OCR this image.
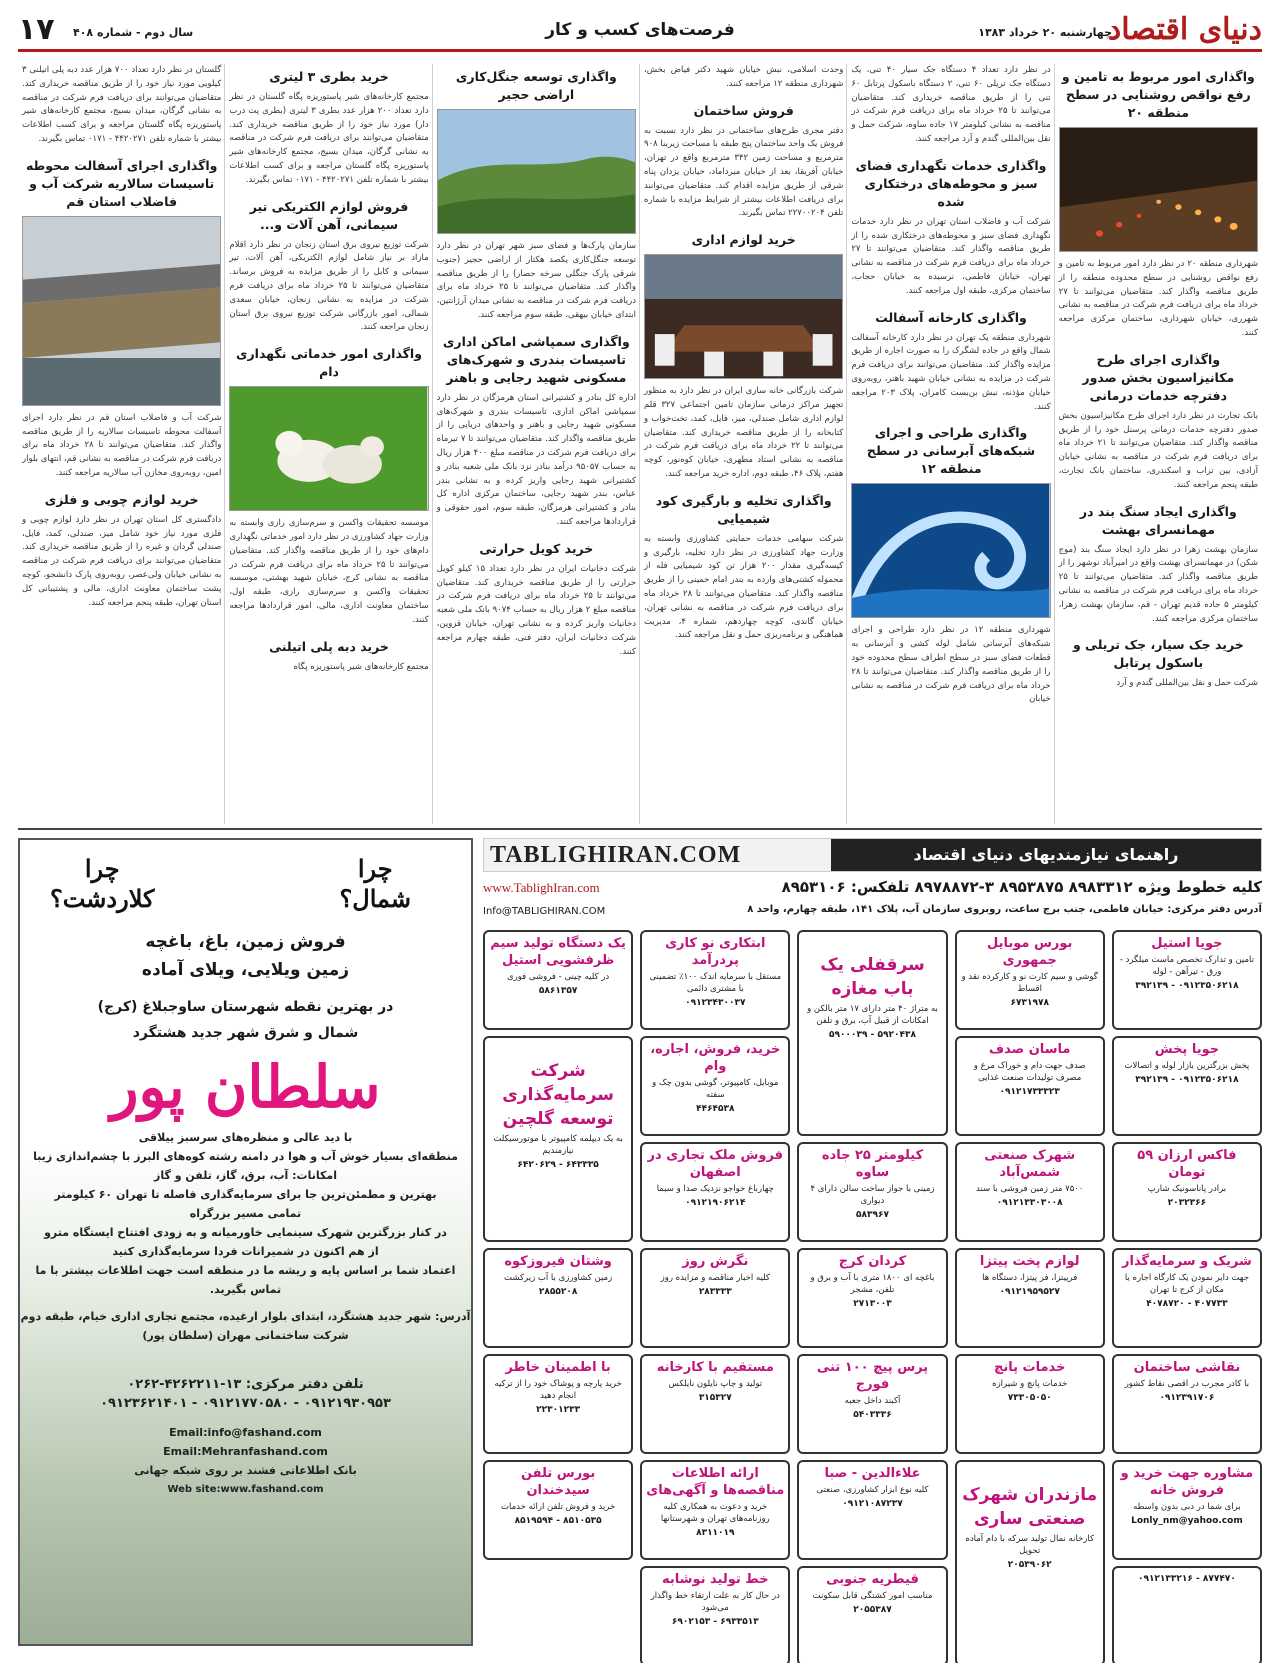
دنیای اقتصاد
چهارشنبه ۲۰ خرداد ۱۳۸۳
فرصت‌های کسب و کار
سال دوم - شماره ۴۰۸
۱۷
واگذاری امور مربوط به تامین و رفع نواقص روشنایی در سطح منطقه ۲۰
شهرداری منطقه ۲۰ در نظر دارد امور مربوط به تامین و رفع نواقص روشنایی در سطح محدوده منطقه را از طریق مناقصه واگذار کند. متقاضیان می‌توانند تا ۲۷ خرداد ماه برای دریافت فرم شرکت در مناقصه به نشانی شهرری، خیابان شهرداری، ساختمان مرکزی مراجعه کنند.
واگذاری اجرای طرح مکانیزاسیون بخش صدور دفترچه خدمات درمانی
بانک تجارت در نظر دارد اجرای طرح مکانیزاسیون بخش صدور دفترچه خدمات درمانی پرسنل خود را از طریق مناقصه واگذار کند. متقاضیان می‌توانند تا ۲۱ خرداد ماه برای دریافت فرم شرکت در مناقصه به نشانی خیابان آزادی، بین تراب و اسکندری، ساختمان بانک تجارت، طبقه پنجم مراجعه کنند.
واگذاری ایجاد سنگ بند در مهمانسرای بهشت
سازمان بهشت زهرا در نظر دارد ایجاد سنگ بند (موج شکن) در مهمانسرای بهشت واقع در امیرآباد نوشهر را از طریق مناقصه واگذار کند. متقاضیان می‌توانند تا ۲۵ خرداد ماه برای دریافت فرم شرکت در مناقصه به نشانی کیلومتر ۵ جاده قدیم تهران - قم، سازمان بهشت زهرا، ساختمان مرکزی مراجعه کنند.
خرید جک سیار، جک تریلی و باسکول پرتابل
شرکت حمل و نقل بین‌المللی گندم و آرد
در نظر دارد تعداد ۴ دستگاه جک سیار ۴۰ تنی، یک دستگاه جک تریلی ۶۰ تنی، ۲ دستگاه باسکول پرتابل ۶۰ تنی را از طریق مناقصه خریداری کند. متقاضیان می‌توانند تا ۲۵ خرداد ماه برای دریافت فرم شرکت در مناقصه به نشانی کیلومتر ۱۷ جاده ساوه، شرکت حمل و نقل بین‌المللی گندم و آرد مراجعه کنند.
واگذاری خدمات نگهداری فضای سبز و محوطه‌های درختکاری شده
شرکت آب و فاضلاب استان تهران در نظر دارد خدمات نگهداری فضای سبز و محوطه‌های درختکاری شده را از طریق مناقصه واگذار کند. متقاضیان می‌توانند تا ۲۷ خرداد ماه برای دریافت فرم شرکت در مناقصه به نشانی تهران، خیابان فاطمی، نرسیده به خیابان حجاب، ساختمان مرکزی، طبقه اول مراجعه کنند.
واگذاری کارخانه آسفالت
شهرداری منطقه یک تهران در نظر دارد کارخانه آسفالت شمال واقع در جاده لشگرک را به صورت اجاره از طریق مزایده واگذار کند. متقاضیان می‌توانند برای دریافت فرم شرکت در مزایده به نشانی خیابان شهید باهنر، روبه‌روی خیابان مؤذنه، نبش بن‌بست کامران، پلاک ۲۰۳ مراجعه کنند.
واگذاری طراحی و اجرای شبکه‌های آبرسانی در سطح منطقه ۱۲
شهرداری منطقه ۱۲ در نظر دارد طراحی و اجرای شبکه‌های آبرسانی شامل لوله کشی و آبرسانی به قطعات فضای سبز در سطح اطراف سطح محدوده خود را از طریق مناقصه واگذار کند. متقاضیان می‌توانند تا ۲۸ خرداد ماه برای دریافت فرم شرکت در مناقصه به نشانی خیابان
وحدت اسلامی، نبش خیابان شهید دکتر فیاض بخش، شهرداری منطقه ۱۲ مراجعه کنند.
فروش ساختمان
دفتر مجری طرح‌های ساختمانی در نظر دارد نسبت به فروش یک واحد ساختمان پنج طبقه با مساحت زیربنا ۹۰۸ مترمربع و مساحت زمین ۳۴۲ مترمربع واقع در تهران، خیابان آفریقا، بعد از خیابان میرداماد، خیابان یزدان پناه شرقی از طریق مزایده اقدام کند. متقاضیان می‌توانند برای دریافت اطلاعات بیشتر از شرایط مزایده با شماره تلفن ۲۲۷۰۰۲۰۴ تماس بگیرند.
خرید لوازم اداری
شرکت بازرگانی خانه سازی ایران در نظر دارد به منظور تجهیز مراکز درمانی سازمان تامین اجتماعی ۳۲۷ قلم لوازم اداری شامل صندلی، میز، فایل، کمد، تخت‌خواب و کتابخانه را از طریق مناقصه خریداری کند. متقاضیان می‌توانند تا ۲۲ خرداد ماه برای دریافت فرم شرکت در مناقصه به نشانی استاد مطهری، خیابان کوه‌نور، کوچه هفتم، پلاک ۴۶، طبقه دوم، اداره خرید مراجعه کنند.
واگذاری تخلیه و بارگیری کود شیمیایی
شرکت سهامی خدمات حمایتی کشاورزی وابسته به وزارت جهاد کشاورزی در نظر دارد تخلیه، بارگیری و کیسه‌گیری مقدار ۲۰۰ هزار تن کود شیمیایی فله از محموله کشتی‌های وارده به بندر امام خمینی را از طریق مناقصه واگذار کند. متقاضیان می‌توانند تا ۲۸ خرداد ماه برای دریافت فرم شرکت در مناقصه به نشانی تهران، خیابان گاندی، کوچه چهاردهم، شماره ۴، مدیریت هماهنگی و برنامه‌ریزی حمل و نقل مراجعه کنند.
واگذاری توسعه جنگل‌کاری اراضی حجیر
سازمان پارک‌ها و فضای سبز شهر تهران در نظر دارد توسعه جنگل‌کاری یکصد هکتار از اراضی حجیر (جنوب شرقی پارک جنگلی سرخه حصار) را از طریق مناقصه واگذار کند. متقاضیان می‌توانند تا ۲۵ خرداد ماه برای دریافت فرم شرکت در مناقصه به نشانی میدان آرژانتین، ابتدای خیابان بیهقی، طبقه سوم مراجعه کنند.
واگذاری سمپاشی اماکن اداری تاسیسات بندری و شهرک‌های مسکونی شهید رجایی و باهنر
اداره کل بنادر و کشتیرانی استان هرمزگان در نظر دارد سمپاشی اماکن اداری، تاسیسات بندری و شهرک‌های مسکونی شهید رجایی و باهنر و واحدهای دریایی را از طریق مناقصه واگذار کند. متقاضیان می‌توانند تا ۷ تیرماه برای دریافت فرم شرکت در مناقصه مبلغ ۴۰۰ هزار ریال به حساب ۹۵۰۵۷ درآمد بنادر نزد بانک ملی شعبه بنادر و کشتیرانی شهید رجایی واریز کرده و به نشانی بندر عباس، بندر شهید رجایی، ساختمان مرکزی اداره کل بنادر و کشتیرانی هرمزگان، طبقه سوم، امور حقوقی و قراردادها مراجعه کنند.
خرید کویل حرارتی
شرکت دخانیات ایران در نظر دارد تعداد ۱۵ کیلو کویل حرارتی را از طریق مناقصه خریداری کند. متقاضیان می‌توانند تا ۲۵ خرداد ماه برای دریافت فرم شرکت در مناقصه مبلغ ۲ هزار ریال به حساب ۹۰۷۴ بانک ملی شعبه دخانیات واریز کرده و به نشانی تهران، خیابان قزوین، شرکت دخانیات ایران، دفتر فنی، طبقه چهارم مراجعه کنند.
خرید بطری ۳ لیتری
مجتمع کارخانه‌های شیر پاستوریزه پگاه گلستان در نظر دارد تعداد ۲۰۰ هزار عدد بطری ۳ لیتری (بطری پت درب دار) مورد نیاز خود را از طریق مناقصه خریداری کند. متقاضیان می‌توانند برای دریافت فرم شرکت در مناقصه به نشانی گرگان، میدان بسیج، مجتمع کارخانه‌های شیر پاستوریزه پگاه گلستان مراجعه و برای کسب اطلاعات بیشتر با شماره تلفن ۴۴۲۰۲۷۱ - ۰۱۷۱ تماس بگیرند.
فروش لوازم الکتریکی تیر سیمانی، آهن آلات و...
شرکت توزیع نیروی برق استان زنجان در نظر دارد اقلام مازاد بر نیاز شامل لوازم الکتریکی، آهن آلات، تیر سیمانی و کابل را از طریق مزایده به فروش برساند. متقاضیان می‌توانند تا ۲۵ خرداد ماه برای دریافت فرم شرکت در مزایده به نشانی زنجان، خیابان سعدی شمالی، امور بازرگانی شرکت توزیع نیروی برق استان زنجان مراجعه کنند.
واگذاری امور خدماتی نگهداری دام
موسسه تحقیقات واکسن و سرم‌سازی رازی وابسته به وزارت جهاد کشاورزی در نظر دارد امور خدماتی نگهداری دام‌های خود را از طریق مناقصه واگذار کند. متقاضیان می‌توانند تا ۲۵ خرداد ماه برای دریافت فرم شرکت در مناقصه به نشانی کرج، خیابان شهید بهشتی، موسسه تحقیقات واکسن و سرم‌سازی رازی، طبقه اول، ساختمان معاونت اداری، مالی، امور قراردادها مراجعه کنند.
خرید دبه پلی اتیلنی
مجتمع کارخانه‌های شیر پاستوریزه پگاه
گلستان در نظر دارد تعداد ۷۰۰ هزار عدد دبه پلی اتیلنی ۳ کیلویی مورد نیاز خود را از طریق مناقصه خریداری کند. متقاضیان می‌توانند برای دریافت فرم شرکت در مناقصه به نشانی گرگان، میدان بسیج، مجتمع کارخانه‌های شیر پاستوریزه پگاه گلستان مراجعه و برای کسب اطلاعات بیشتر با شماره تلفن ۴۴۲۰۲۷۱ - ۰۱۷۱ تماس بگیرند.
واگذاری اجرای آسفالت محوطه تاسیسات سالاریه شرکت آب و فاضلاب استان قم
شرکت آب و فاضلاب استان قم در نظر دارد اجرای آسفالت محوطه تاسیسات سالاریه را از طریق مناقصه واگذار کند. متقاضیان می‌توانند تا ۲۸ خرداد ماه برای دریافت فرم شرکت در مناقصه به نشانی قم، انتهای بلوار امین، روبه‌روی مخازن آب سالاریه مراجعه کنند.
خرید لوازم چوبی و فلزی
دادگستری کل استان تهران در نظر دارد لوازم چوبی و فلزی مورد نیاز خود شامل میز، صندلی، کمد، فایل، صندلی گردان و غیره را از طریق مناقصه خریداری کند. متقاضیان می‌توانند برای دریافت فرم شرکت در مناقصه به نشانی خیابان ولی‌عصر، روبه‌روی پارک دانشجو، کوچه پشت ساختمان معاونت اداری، مالی و پشتیبانی کل استان تهران، طبقه پنجم مراجعه کنند.
چرا
شمال؟
چرا
کلاردشت؟
فروش زمین، باغ، باغچه
زمین ویلایی، ویلای آماده
در بهترین نقطه شهرستان ساوجبلاغ (کرج)
شمال و شرق شهر جدید هشتگرد
سلطان پور
با دید عالی و منظره‌های سرسبز ییلاقی
منطقه‌ای بسیار خوش آب و هوا در دامنه رشته کوه‌های البرز با چشم‌اندازی زیبا
امکانات: آب، برق، گاز، تلفن و گاز
بهترین و مطمئن‌ترین جا برای سرمایه‌گذاری فاصله تا تهران ۶۰ کیلومتر
تمامی مسیر بزرگراه
در کنار بزرگترین شهرک سینمایی خاورمیانه و به زودی افتتاح ایستگاه مترو
از هم اکنون در شمیرانات فردا سرمایه‌گذاری کنید
اعتماد شما بر اساس پایه و ریشه ما در منطقه است جهت اطلاعات بیشتر با ما تماس بگیرید.
آدرس: شهر جدید هشتگرد، ابتدای بلوار ارغیده، مجتمع تجاری اداری خیام، طبقه دوم
شرکت ساختمانی مهران (سلطان پور)
تلفن دفتر مرکزی: ۱۳-۴۲۶۲۲۱۱-۰۲۶۲
۰۹۱۲۱۹۳۰۹۵۳ - ۰۹۱۲۱۷۷۰۵۸۰ - ۰۹۱۲۳۶۲۱۴۰۱
Email:info@fashand.com
Email:Mehranfashand.com
بانک اطلاعاتی فشند بر روی شبکه جهانی
Web site:www.fashand.com
TABLIGHIRAN.COM	راهنمای نیازمندیهای دنیای اقتصاد
کلیه خطوط ویژه ۸۹۸۳۳۱۲ ۸۹۵۳۸۷۵ ۳-۸۹۷۸۸۷۲ تلفکس: ۸۹۵۳۱۰۶
www.TablighIran.com
آدرس دفتر مرکزی: خیابان فاطمی، جنب برج ساعت، روبروی سازمان آب، پلاک ۱۴۱، طبقه چهارم، واحد ۸
Info@TABLIGHIRAN.COM
جویا استیل
تامین و تدارک تخصص ماست میلگرد - ورق - تیرآهن - لوله
۳۹۲۱۳۹ - ۰۹۱۲۳۵۰۶۲۱۸
بورس موبایل جمهوری
گوشی و سیم کارت نو و کارکرده نقد و اقساط
۶۷۳۱۹۷۸
سرقفلی یک باب مغازه
به متراژ ۴۰ متر دارای ۱۷ متر بالکن و امکانات از قبیل آب، برق و تلفن
۵۹۰۰۰۳۹ - ۵۹۲۰۴۳۸
ابتکاری نو کاری پردرآمد
مستقل با سرمایه اندک ۱۰۰٪ تضمینی با مشتری دائمی
۰۹۱۲۳۴۳۰۰۳۷
یک دستگاه تولید سیم ظرفشویی استیل
در کلیه چینی - فروشی فوری
۵۸۶۱۳۵۷
جویا پخش
پخش بزرگترین بازار لوله و اتصالات
۳۹۲۱۳۹ - ۰۹۱۲۳۵۰۶۲۱۸
ماسان صدف
صدف جهت دام و خوراک مرغ و مصرف تولیدات صنعت غذایی
۰۹۱۲۱۷۳۳۳۲۳
خرید، فروش، اجاره، وام
موبایل، کامپیوتر، گوشی بدون چک و سفته
۴۴۶۴۵۳۸
شرکت سرمایه‌گذاری توسعه گلچین
به یک دیپلمه کامپیوتر با موتورسیکلت نیازمندیم
۶۴۲۰۶۲۹ - ۶۴۳۳۳۵
فاکس ارزان ۵۹ تومان
برادر پاناسونیک شارپ
۲۰۳۲۳۶۶
شهرک صنعتی شمس‌آباد
۷۵۰۰ متر زمین فروشی با سند
۰۹۱۲۱۳۳۰۳۰۰۸
کیلومتر ۲۵ جاده ساوه
زمینی با جواز ساخت سالن دارای ۴ دیواری
۵۸۳۹۶۷
فروش ملک تجاری در اصفهان
چهارباغ خواجو نزدیک صدا و سیما
۰۹۱۲۱۹۰۶۲۱۴
شریک و سرمایه‌گذار
جهت دایر نمودن یک کارگاه اجاره یا مکان از کرج تا تهران
۴۰۷۸۷۲۰ - ۴۰۷۷۳۳
لوازم پخت پیتزا
فرپیتزا، فر پیتزا، دستگاه ها
۰۹۱۲۱۹۵۹۵۲۷
کردان کرج
باغچه ای ۱۸۰۰ متری با آب و برق و تلفن، مشجر
۲۷۱۳۰۰۳
نگرش روز
کلیه اخبار مناقصه و مزایده روز
۲۸۳۳۳۳
وشتان فیروزکوه
زمین کشاورزی با آب زیرکشت
۲۸۵۵۲۰۸
نقاشی ساختمان
با کادر مجرب در اقصی نقاط کشور
۰۹۱۲۳۹۱۷۰۶
خدمات پانچ
خدمات پانچ و شیرازه
۷۳۳۰۵۰۵۰
پرس پیچ ۱۰۰ تنی فورج
آکبند داخل جعبه
۵۴۰۳۳۳۶
مستقیم با کارخانه
تولید و چاپ نایلون نایلکس
۳۱۵۳۲۷
با اطمینان خاطر
خرید پارچه و پوشاک خود را از ترکیه انجام دهید
۲۲۳۰۱۲۳۳
مشاوره جهت خرید و فروش خانه
برای شما در دبی بدون واسطه
Lonly_nm@yahoo.com
مازندران شهرک صنعتی ساری
کارخانه نمال تولید سرکه با دام آماده تحویل
۲۰۵۳۹۰۶۲
علاءالدین - صبا
کلیه نوع ابزار کشاورزی، صنعتی
۰۹۱۲۱۰۸۷۲۳۷
ارائه اطلاعات مناقصه‌ها و آگهی‌های
خرید و دعوت به همکاری کلیه روزنامه‌های تهران و شهرستانها
۸۳۱۱۰۱۹
بورس تلفن سیدخندان
خرید و فروش تلفن ارائه خدمات
۸۵۱۹۵۹۴ - ۸۵۱۰۵۳۵
۰۹۱۲۱۳۳۲۱۶ - ۸۷۷۴۷۰
قیطریه جنوبی
مناسب امور کشتگی قابل سکونت
۲۰۵۵۳۸۷
خط تولید نوشابه
در حال کار به علت ارتقاء خط واگذار می‌شود
۶۹۰۲۱۵۳ - ۶۹۳۳۵۱۳
